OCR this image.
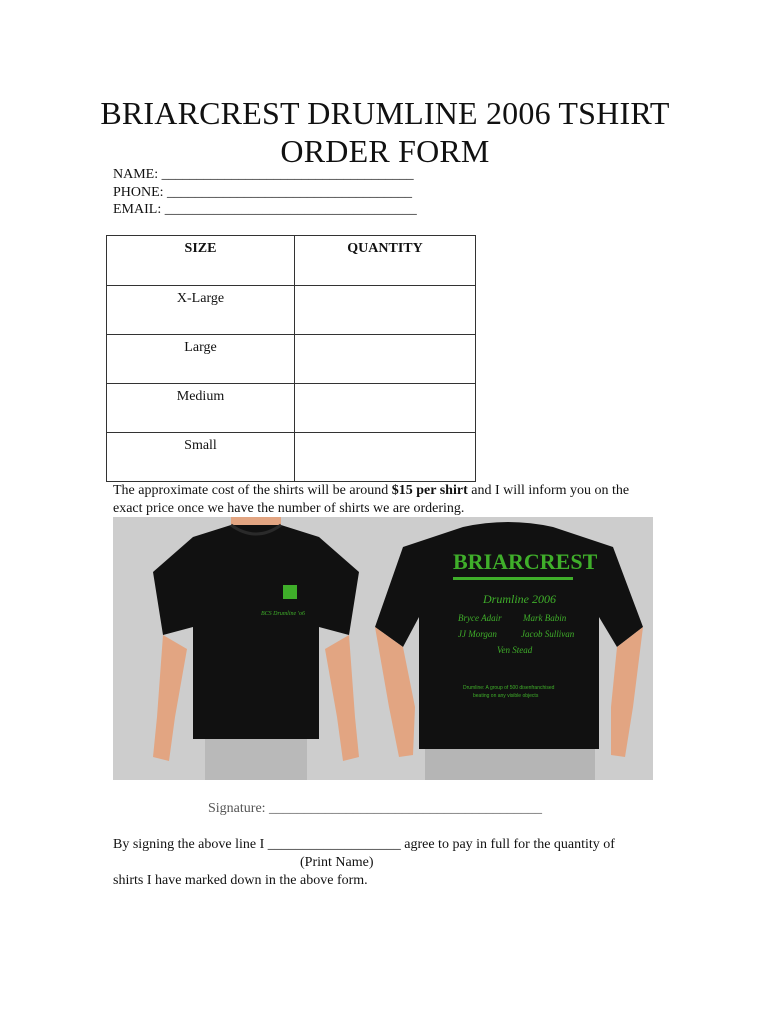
BRIARCREST DRUMLINE 2006 TSHIRT ORDER FORM
NAME: ____________________________________
PHONE: ___________________________________
EMAIL: ____________________________________
SIZE	QUANTITY
X-Large	
Large	
Medium	
Small	
The approximate cost of the shirts will be around $15 per shirt and I will inform you on the exact price once we have the number of shirts we are ordering.
BCS Drumline 'o6
BRIARCREST
Drumline 2006
Bryce Adair Mark Babin
JJ Morgan	Jacob Sullivan
Ven Stead
Drumline: A group of 500 disenfranchised
beating on any visible objects
Signature: _______________________________________
By signing the above line I ___________________ agree to pay in full for the quantity of
(Print Name)
shirts I have marked down in the above form.
